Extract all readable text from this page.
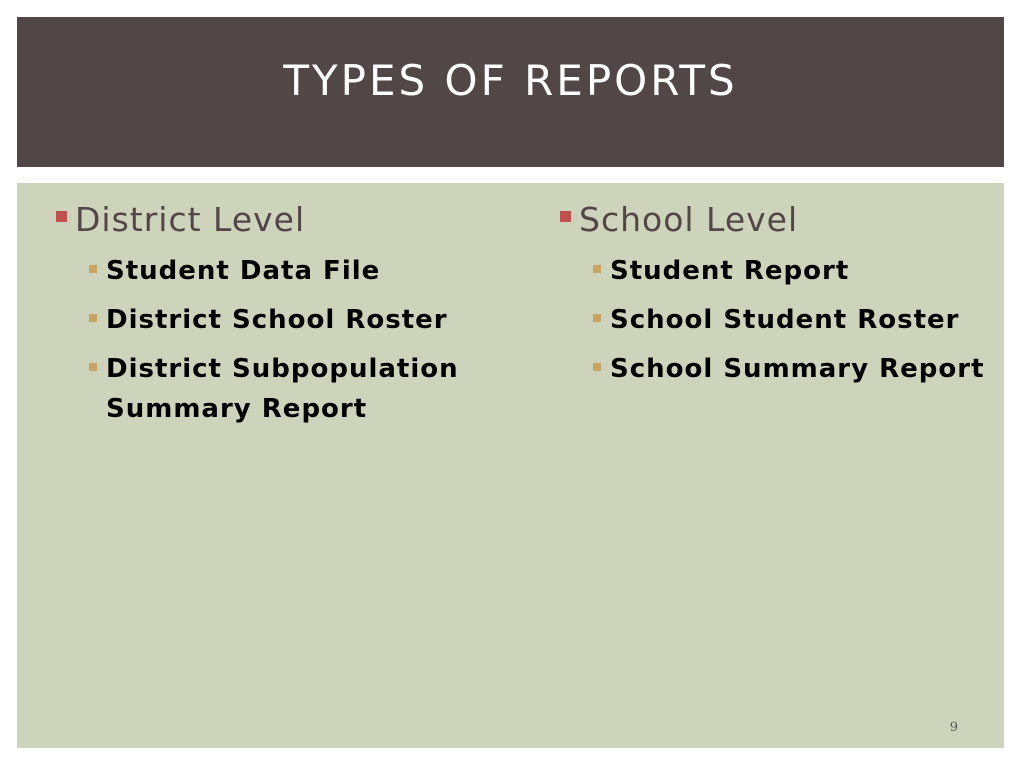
TYPES OF REPORTS
District Level
Student Data File
District School Roster
District Subpopulation Summary Report
School Level
Student Report
School Student Roster
School Summary Report
9
